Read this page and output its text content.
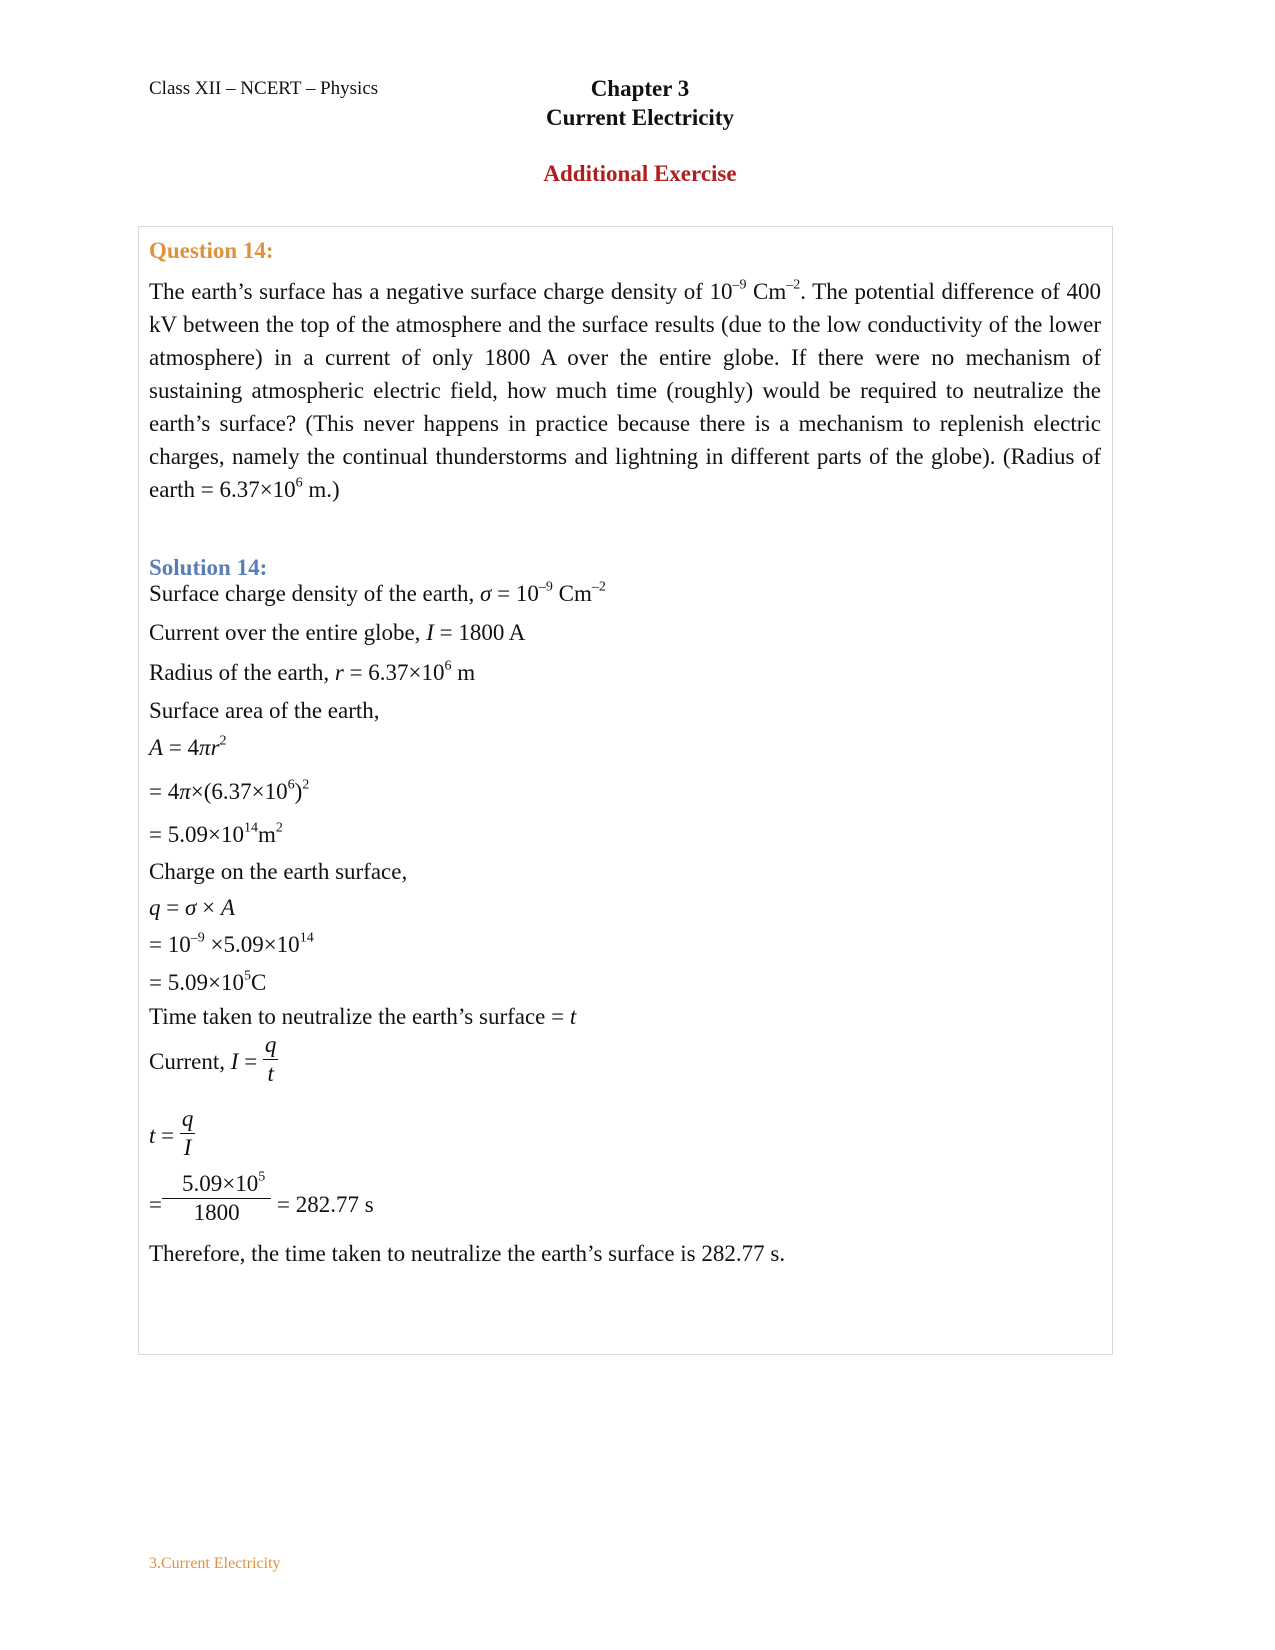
Class XII – NCERT – Physics	Chapter 3
Current Electricity
Additional Exercise
Question 14:
The earth’s surface has a negative surface charge density of $10^{-9}$ $Cm^{-2}$. The potential difference of 400 kV between the top of the atmosphere and the surface results (due to the low conductivity of the lower atmosphere) in a current of only 1800 A over the entire globe. If there were no mechanism of sustaining atmospheric electric field, how much time (roughly) would be required to neutralize the earth’s surface? (This never happens in practice because there is a mechanism to replenish electric charges, namely the continual thunderstorms and lightning in different parts of the globe). (Radius of earth = $6.37\times 10^6$ m.)
Solution 14:
Surface charge density of the earth, $\sigma = 10^{-9}$ $Cm^{-2}$
Current over the entire globe, I = 1800 A
Radius of the earth, $r = 6.37\times 10^6$ m
Surface area of the earth,
$A = 4\pi r^2$
= $4\pi\times(6.37\times 10^6)^2$
= $5.09\times 10^{14}m^2$
Charge on the earth surface,
q = σ × A
= $10^{-9} \times 5.09\times 10^{14}$
= $5.09\times 10^5C$
Time taken to neutralize the earth’s surface = t
Current, $I = \frac{q}{t}$
$t = \frac{q}{I}$
= $\frac{5.09\times 10^5}{1800} = 282.77$ s
Therefore, the time taken to neutralize the earth’s surface is 282.77 s.
3.Current Electricity
